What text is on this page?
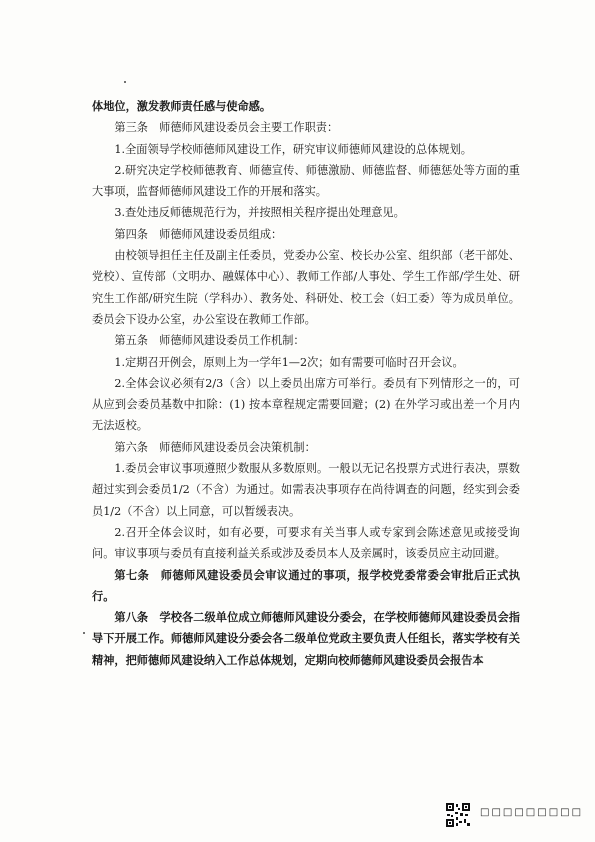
体地位，激发教师责任感与使命感。

第三条　师德师风建设委员会主要工作职责：

1.全面领导学校师德师风建设工作，研究审议师德师风建设的总体规划。

2.研究决定学校师德教育、师德宣传、师德激励、师德监督、师德惩处等方面的重大事项，监督师德师风建设工作的开展和落实。

3.查处违反师德规范行为，并按照相关程序提出处理意见。

第四条　师德师风建设委员组成：

由校领导担任主任及副主任委员，党委办公室、校长办公室、组织部（老干部处、党校）、宣传部（文明办、融媒体中心）、教师工作部/人事处、学生工作部/学生处、研究生工作部/研究生院（学科办）、教务处、科研处、校工会（妇工委）等为成员单位。委员会下设办公室，办公室设在教师工作部。

第五条　师德师风建设委员工作机制：

1.定期召开例会，原则上为一学年1—2次；如有需要可临时召开会议。

2.全体会议必须有2/3（含）以上委员出席方可举行。委员有下列情形之一的，可从应到会委员基数中扣除：(1) 按本章程规定需要回避；(2) 在外学习或出差一个月内无法返校。

第六条　师德师风建设委员会决策机制：

1.委员会审议事项遵照少数服从多数原则。一般以无记名投票方式进行表决，票数超过实到会委员1/2（不含）为通过。如需表决事项存在尚待调查的问题，经实到会委员1/2（不含）以上同意，可以暂缓表决。

2.召开全体会议时，如有必要，可要求有关当事人或专家到会陈述意见或接受询问。审议事项与委员有直接利益关系或涉及委员本人及亲属时，该委员应主动回避。

第七条　师德师风建设委员会审议通过的事项，报学校党委常委会审批后正式执行。

第八条　学校各二级单位成立师德师风建设分委会，在学校师德师风建设委员会指导下开展工作。师德师风建设分委会各二级单位党政主要负责人任组长，落实学校有关精神，把师德师风建设纳入工作总体规划，定期向校师德师风建设委员会报告本

□□□□□□□□□
